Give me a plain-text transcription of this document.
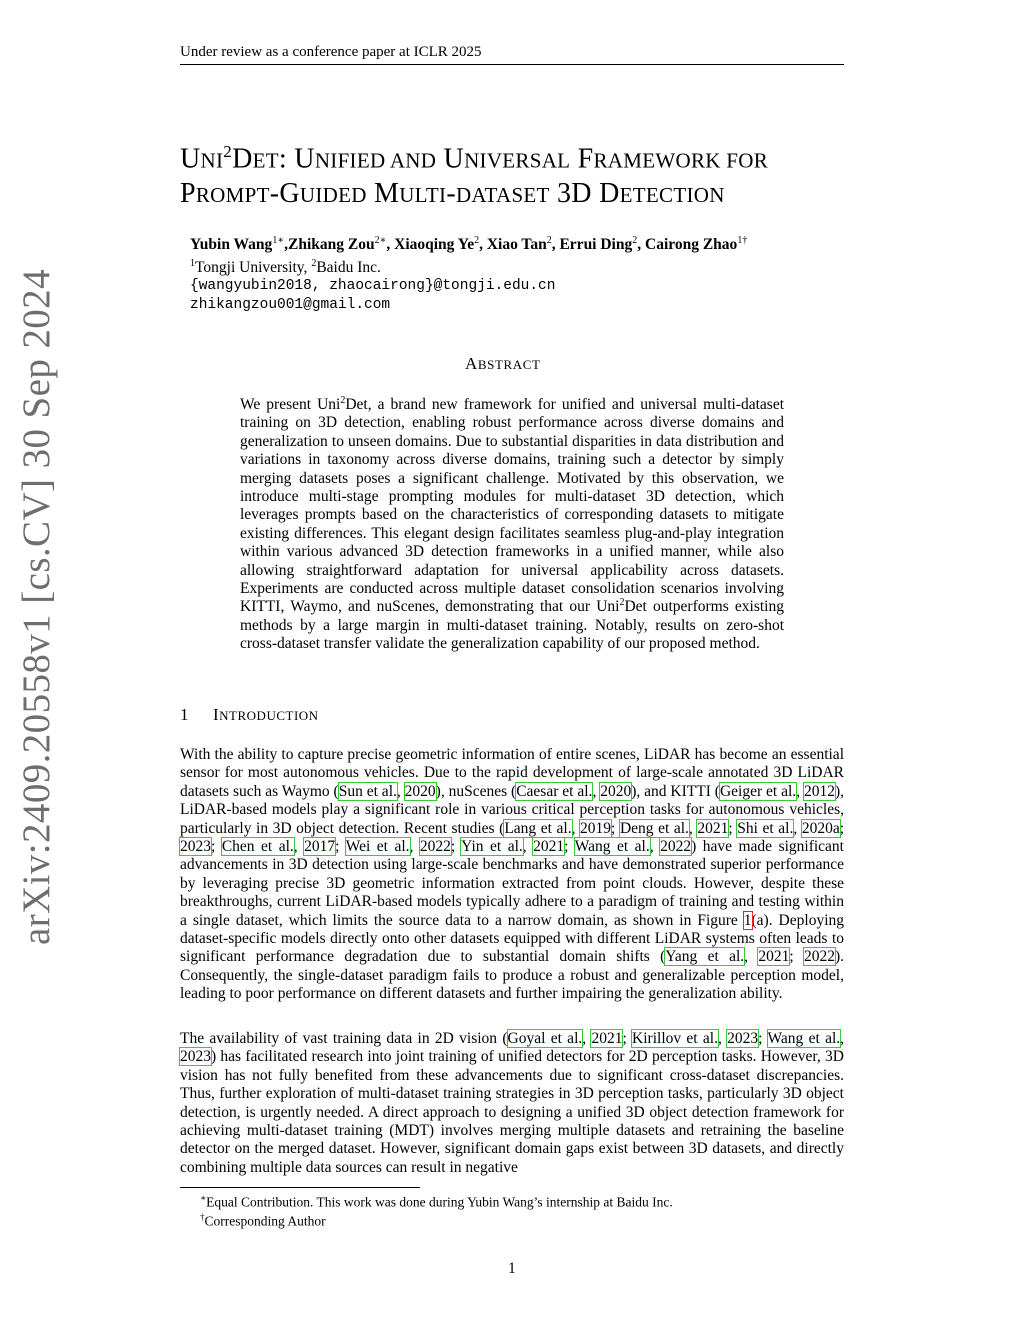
Under review as a conference paper at ICLR 2025
arXiv:2409.20558v1 [cs.CV] 30 Sep 2024
UNI$^2$DET: UNIFIED AND UNIVERSAL FRAMEWORK FOR
PROMPT-GUIDED MULTI-DATASET 3D DETECTION
Yubin Wang$^{1∗}$,Zhikang Zou$^{2∗}$, Xiaoqing Ye$^2$, Xiao Tan$^2$, Errui Ding$^2$, Cairong Zhao$^{1\dagger}$
$^1$Tongji University, $^2$Baidu Inc.
{wangyubin2018, zhaocairong}@tongji.edu.cn
zhikangzou001@gmail.com
ABSTRACT
We present Uni$^2$Det, a brand new framework for unified and universal multi-dataset training on 3D detection, enabling robust performance across diverse domains and generalization to unseen domains. Due to substantial disparities in data distribution and variations in taxonomy across diverse domains, training such a detector by simply merging datasets poses a significant challenge. Motivated by this observation, we introduce multi-stage prompting modules for multi-dataset 3D detection, which leverages prompts based on the characteristics of corresponding datasets to mitigate existing differences. This elegant design facilitates seamless plug-and-play integration within various advanced 3D detection frameworks in a unified manner, while also allowing straightforward adaptation for universal applicability across datasets. Experiments are conducted across multiple dataset consolidation scenarios involving KITTI, Waymo, and nuScenes, demonstrating that our Uni$^2$Det outperforms existing methods by a large margin in multi-dataset training. Notably, results on zero-shot cross-dataset transfer validate the generalization capability of our proposed method.
1 INTRODUCTION
With the ability to capture precise geometric information of entire scenes, LiDAR has become an essential sensor for most autonomous vehicles. Due to the rapid development of large-scale annotated 3D LiDAR datasets such as Waymo (Sun et al., 2020), nuScenes (Caesar et al., 2020), and KITTI (Geiger et al., 2012), LiDAR-based models play a significant role in various critical perception tasks for autonomous vehicles, particularly in 3D object detection. Recent studies (Lang et al., 2019; Deng et al., 2021; Shi et al., 2020a; 2023; Chen et al., 2017; Wei et al., 2022; Yin et al., 2021; Wang et al., 2022) have made significant advancements in 3D detection using large-scale benchmarks and have demonstrated superior performance by leveraging precise 3D geometric information extracted from point clouds. However, despite these breakthroughs, current LiDAR-based models typically adhere to a paradigm of training and testing within a single dataset, which limits the source data to a narrow domain, as shown in Figure 1(a). Deploying dataset-specific models directly onto other datasets equipped with different LiDAR systems often leads to significant performance degradation due to substantial domain shifts (Yang et al., 2021; 2022). Consequently, the single-dataset paradigm fails to produce a robust and generalizable perception model, leading to poor performance on different datasets and further impairing the generalization ability.
The availability of vast training data in 2D vision (Goyal et al., 2021; Kirillov et al., 2023; Wang et al., 2023) has facilitated research into joint training of unified detectors for 2D perception tasks. However, 3D vision has not fully benefited from these advancements due to significant cross-dataset discrepancies. Thus, further exploration of multi-dataset training strategies in 3D perception tasks, particularly 3D object detection, is urgently needed. A direct approach to designing a unified 3D object detection framework for achieving multi-dataset training (MDT) involves merging multiple datasets and retraining the baseline detector on the merged dataset. However, significant domain gaps exist between 3D datasets, and directly combining multiple data sources can result in negative
∗Equal Contribution. This work was done during Yubin Wang’s internship at Baidu Inc.
†Corresponding Author
1
